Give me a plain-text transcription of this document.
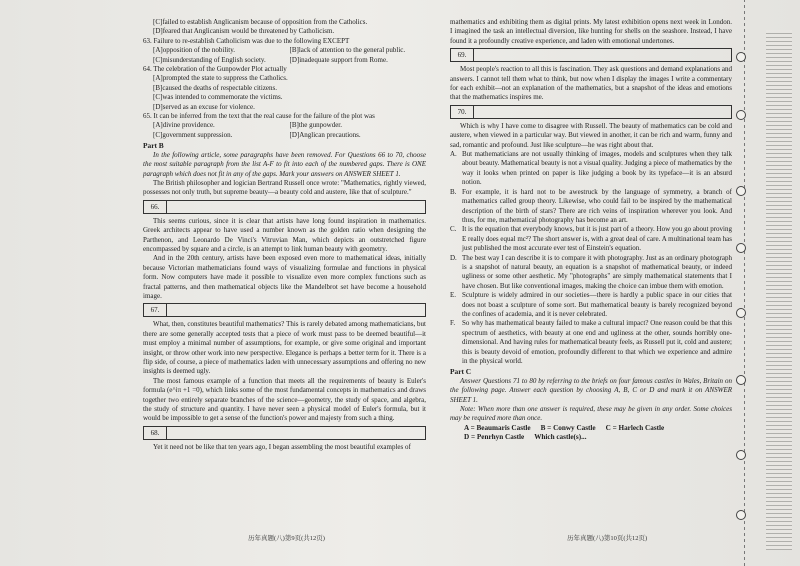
[C]failed to establish Anglicanism because of opposition from the Catholics.
[D]feared that Anglicanism would be threatened by Catholicism.

63. Failure to re-establish Catholicism was due to the following EXCEPT

[A]opposition of the nobility.	[B]lack of attention to the general public.
[C]misunderstanding of English society.	[D]inadequate support from Rome.

64. The celebration of the Gunpowder Plot actually

[A]prompted the state to suppress the Catholics.
[B]caused the deaths of respectable citizens.
[C]was intended to commemorate the victims.
[D]served as an excuse for violence.

65. It can be inferred from the text that the real cause for the failure of the plot was

[A]divine providence.	[B]the gunpowder.
[C]government suppression.	[D]Anglican precautions.
Part B

In the following article, some paragraphs have been removed. For Questions 66 to 70, choose the most suitable paragraph from the list A-F to fit into each of the numbered gaps. There is ONE paragraph which does not fit in any of the gaps. Mark your answers on ANSWER SHEET 1.

The British philosopher and logician Bertrand Russell once wrote: "Mathematics, rightly viewed, possesses not only truth, but supreme beauty—a beauty cold and austere, like that of sculpture."

66.

This seems curious, since it is clear that artists have long found inspiration in mathematics. Greek architects appear to have used a number known as the golden ratio when designing the Parthenon, and Leonardo De Vinci's Vitruvian Man, which depicts an outstretched figure encompassed by square and a circle, is an attempt to link human beauty with geometry.

And in the 20th century, artists have been exposed even more to mathematical ideas, initially because Victorian mathematicians found ways of visualizing formulae and functions in physical form. Now computers have made it possible to visualize even more complex functions such as fractal patterns, and then mathematical objects like the Mandelbrot set have become a household image.

67.

What, then, constitutes beautiful mathematics? This is rarely debated among mathematicians, but there are some generally accepted tests that a piece of work must pass to be deemed beautiful—it must employ a minimal number of assumptions, for example, or give some original and important insight, or throw other work into new perspective. Elegance is perhaps a better term for it. There is a flip side, of course, a piece of mathematics laden with unnecessary assumptions and offering no new insights is deemed ugly.

The most famous example of a function that meets all the requirements of beauty is Euler's formula (e^iπ +1 =0), which links some of the most fundamental concepts in mathematics and draws together two entirely separate branches of the science—geometry, the study of space, and algebra, the study of structure and quantity. I have never seen a physical model of Euler's formula, but it would be impossible to get a sense of the function's power and majesty from such a thing.

68.

Yet it need not be like that ten years ago, I began assembling the most beautiful examples of

历年真题(八)第9页(共12页)

mathematics and exhibiting them as digital prints. My latest exhibition opens next week in London. I imagined the task an intellectual diversion, like hunting for shells on the seashore. Instead, I have found it a profoundly creative experience, and laden with emotional undertones.

69.

Most people's reaction to all this is fascination. They ask questions and demand explanations and answers. I cannot tell them what to think, but now when I display the images I write a commentary for each exhibit—not an explanation of the mathematics, but a snapshot of the ideas and emotions that the mathematics inspires me.

70.

Which is why I have come to disagree with Russell. The beauty of mathematics can be cold and austere, when viewed in a particular way. But viewed in another, it can be rich and warm, funny and sad, romantic and profound. Just like sculpture—he was right about that.

A. But mathematicians are not usually thinking of images, models and sculptures when they talk about beauty. Mathematical beauty is not a visual quality. Judging a piece of mathematics by the way it looks when printed on paper is like judging a book by its typeface—it is an absurd notion.
B. For example, it is hard not to be awestruck by the language of symmetry, a branch of mathematics called group theory. Likewise, who could fail to be inspired by the mathematical description of the birth of stars? There are rich veins of inspiration wherever you look. And thus, for me, mathematical photography has become an art.
C. It is the equation that everybody knows, but it is just part of a theory. How you go about proving E really does equal mc²? The short answer is, with a great deal of care. A multinational team has just published the most accurate ever test of Einstein's equation.
D. The best way I can describe it is to compare it with photography. Just as an ordinary photograph is a snapshot of natural beauty, an equation is a snapshot of mathematical beauty, or indeed ugliness or some other aesthetic. My "photographs" are simply mathematical statements that I have chosen. But like conventional images, making the choice can imbue them with emotion.
E. Sculpture is widely admired in our societies—there is hardly a public space in our cities that does not boast a sculpture of some sort. But mathematical beauty is barely recognized beyond the confines of academia, and it is never celebrated.
F. So why has mathematical beauty failed to make a cultural impact? One reason could be that this spectrum of aesthetics, with beauty at one end and ugliness at the other, sounds horribly one-dimensional. And having rules for mathematical beauty feels, as Russell put it, cold and austere; this is beauty devoid of emotion, profoundly different to that which we experience and admire in the physical world.
Part C

Answer Questions 71 to 80 by referring to the briefs on four famous castles in Wales, Britain on the following page. Answer each question by choosing A, B, C or D and mark it on ANSWER SHEET 1.

Note: When more than one answer is required, these may be given in any order. Some choices may be required more than once.

A = Beaumaris Castle B = Conwy Castle C = Harlech Castle
D = Penrhyn Castle Which castle(s)...
历年真题(八)第10页(共12页)
